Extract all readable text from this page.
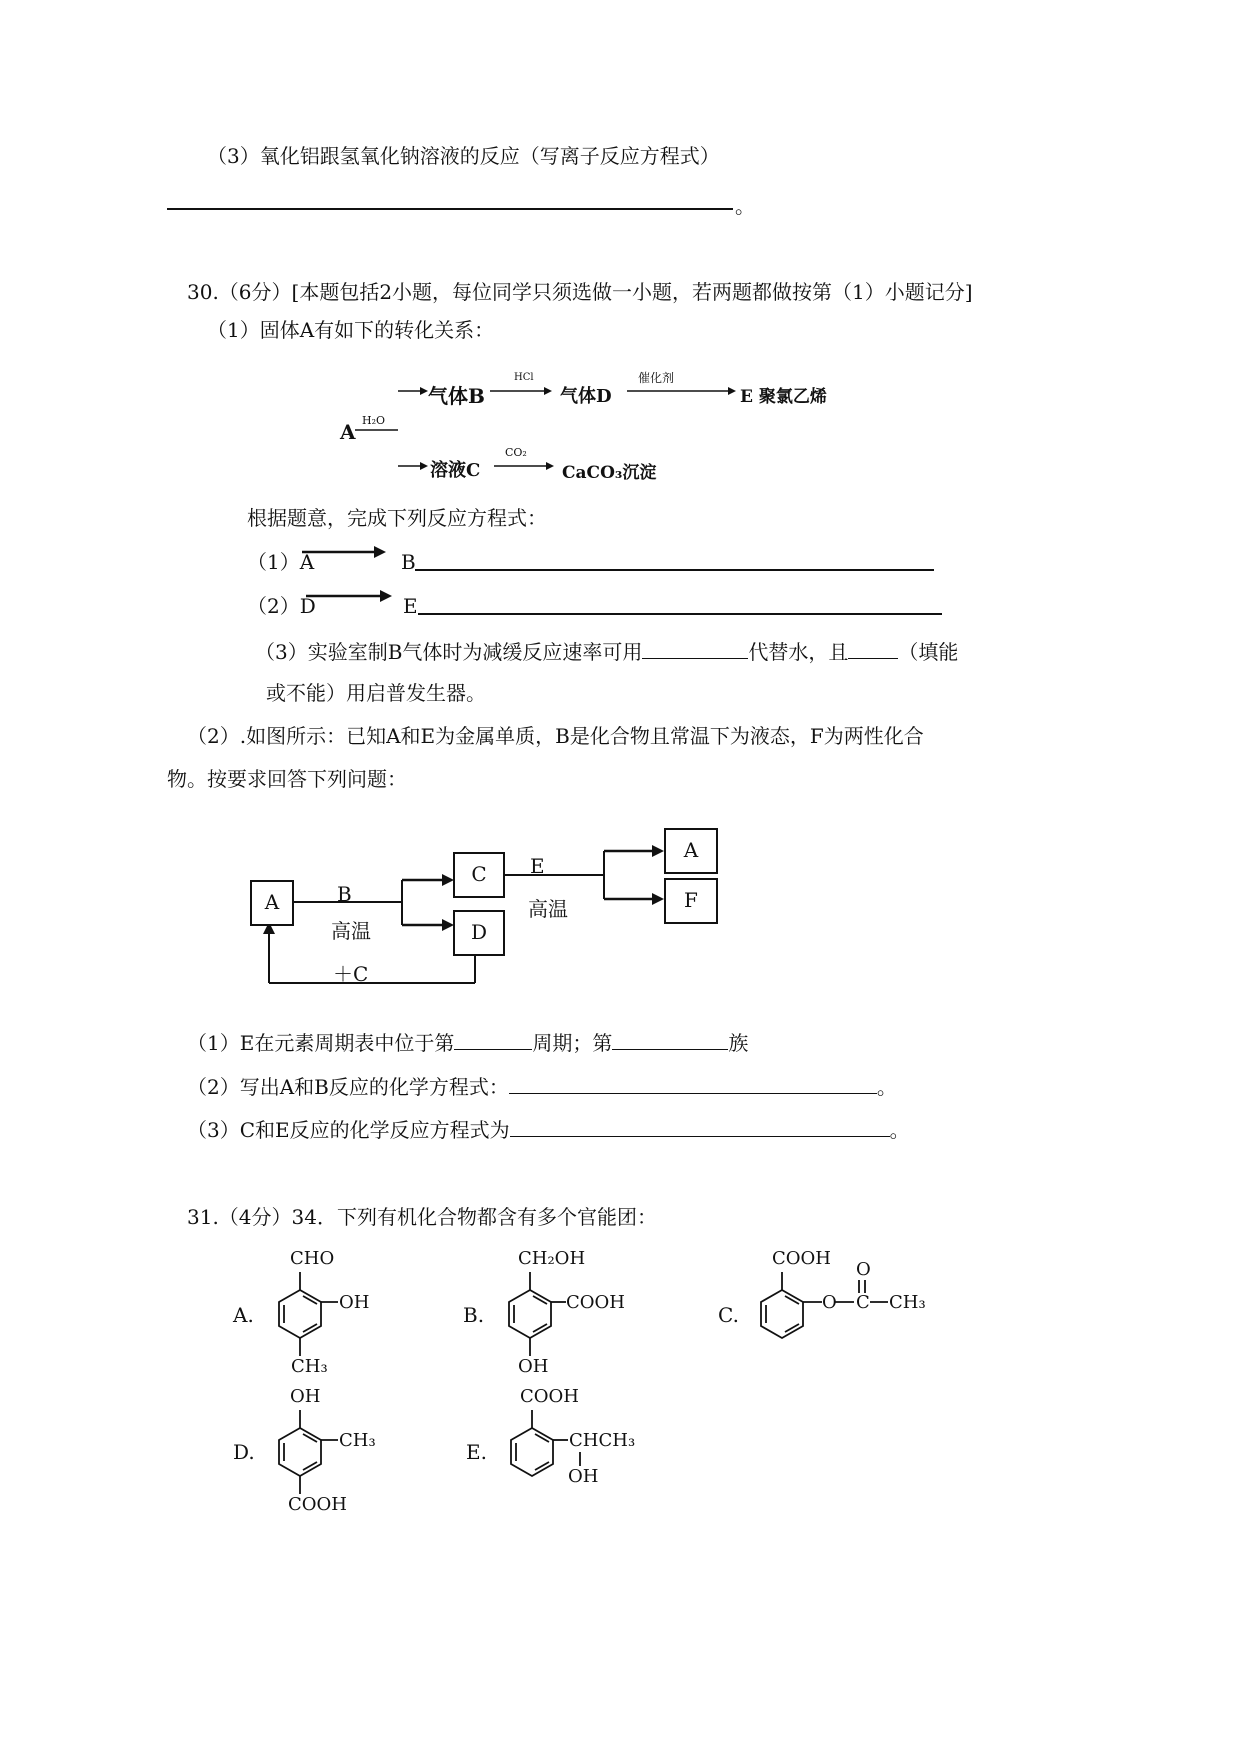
（3）氧化铝跟氢氧化钠溶液的反应（写离子反应方程式）
。
30.（6分）[本题包括2小题，每位同学只须选做一小题，若两题都做按第（1）小题记分]
（1）固体A有如下的转化关系：
气体B
HCl
气体D
催化剂
E 聚氯乙烯
A H₂O
溶液C
CO₂
CaCO₃沉淀
根据题意，完成下列反应方程式：
（1）A	B
（2）D	E
（3）实验室制B气体时为减缓反应速率可用	代替水，且	（填能
或不能）用启普发生器。
（2）.如图所示：已知A和E为金属单质，B是化合物且常温下为液态，F为两性化合
物。按要求回答下列问题：
A	B
高温
C
D
E
高温
A
F
＋C
（1）E在元素周期表中位于第	周期；第	族
（2）写出A和B反应的化学方程式：	。
（3）C和E反应的化学反应方程式为	。
31.（4分）34．下列有机化合物都含有多个官能团：
A.
CHO
OH
CH₃
B.
CH₂OH
COOH
OH
C.
COOH
O
O
C CH₃
D.
OH
CH₃
COOH
E.
COOH
CHCH₃
OH
